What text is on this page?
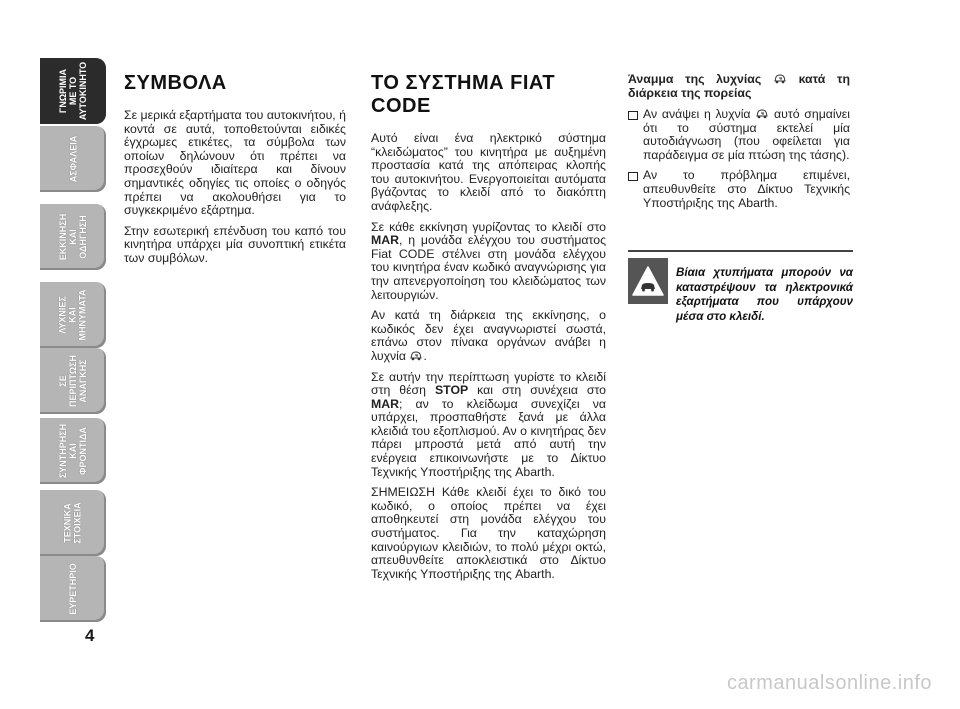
ΓΝΩΡΙΜΙΑ
ΜΕ ΤΟ
ΑΥΤΟΚΙΝΗΤΟ
ΑΣΦΑΛΕΙΑ
ΕΚΚΙΝΗΣΗ
ΚΑΙ
ΟΔΗΓΗΣΗ
ΛΥΧΝΙΕΣ
ΚΑΙ
ΜΗΝΥΜΑΤΑ
ΣΕ
ΠΕΡΙΠΤΩΣΗ
ΑΝΑΓΚΗΣ
ΣΥΝΤΗΡΗΣΗ
ΚΑΙ
ΦΡΟΝΤΙΔΑ
ΤΕΧΝΙΚΑ
ΣΤΟΙΧΕΙΑ
ΕΥΡΕΤΗΡΙΟ
4
ΣΥΜΒΟΛΑ

Σε μερικά εξαρτήματα του αυτοκινήτου, ή κοντά σε αυτά, τοποθετούνται ειδικές έγχρωμες ετικέτες, τα σύμβολα των οποίων δηλώνουν ότι πρέπει να προσεχθούν ιδιαίτερα και δίνουν σημαντικές οδηγίες τις οποίες ο οδηγός πρέπει να ακολουθήσει για το συγκεκριμένο εξάρτημα.

Στην εσωτερική επένδυση του καπό του κινητήρα υπάρχει μία συνοπτική ετικέτα των συμβόλων.

ΤΟ ΣΥΣΤΗΜΑ FIAT CODE

Αυτό είναι ένα ηλεκτρικό σύστημα “κλειδώματος” του κινητήρα με αυξημένη προστασία κατά της απόπειρας κλοπής του αυτοκινήτου. Ενεργοποιείται αυτόματα βγάζοντας το κλειδί από το διακόπτη ανάφλεξης.

Σε κάθε εκκίνηση γυρίζοντας το κλειδί στο MAR, η μονάδα ελέγχου του συστήματος Fiat CODE στέλνει στη μονάδα ελέγχου του κινητήρα έναν κωδικό αναγνώρισης για την απενεργοποίηση του κλειδώματος των λειτουργιών.

Αν κατά τη διάρκεια της εκκίνησης, ο κωδικός δεν έχει αναγνωριστεί σωστά, επάνω στον πίνακα οργάνων ανάβει η λυχνία .

Σε αυτήν την περίπτωση γυρίστε το κλειδί στη θέση STOP και στη συνέχεια στο MAR; αν το κλείδωμα συνεχίζει να υπάρχει, προσπαθήστε ξανά με άλλα κλειδιά του εξοπλισμού. Αν ο κινητήρας δεν πάρει μπροστά μετά από αυτή την ενέργεια επικοινωνήστε με το Δίκτυο Τεχνικής Υποστήριξης της Abarth.

ΣΗΜΕΙΩΣΗ Κάθε κλειδί έχει το δικό του κωδικό, ο οποίος πρέπει να έχει αποθηκευτεί στη μονάδα ελέγχου του συστήματος. Για την καταχώρηση καινούργιων κλειδιών, το πολύ μέχρι οκτώ, απευθυνθείτε αποκλειστικά στο Δίκτυο Τεχνικής Υποστήριξης της Abarth.

Άναμμα της λυχνίας	κατά τη διάρκεια της πορείας

Αν ανάψει η λυχνία αυτό σημαίνει ότι το σύστημα εκτελεί μία αυτοδιάγνωση (που οφείλεται για παράδειγμα σε μία πτώση της τάσης).

Αν το πρόβλημα επιμένει, απευθυνθείτε στο Δίκτυο Τεχνικής Υποστήριξης της Abarth.

Βίαια χτυπήματα μπορούν να καταστρέψουν τα ηλεκτρονικά εξαρτήματα που υπάρχουν μέσα στο κλειδί.

carmanualsonline.info
